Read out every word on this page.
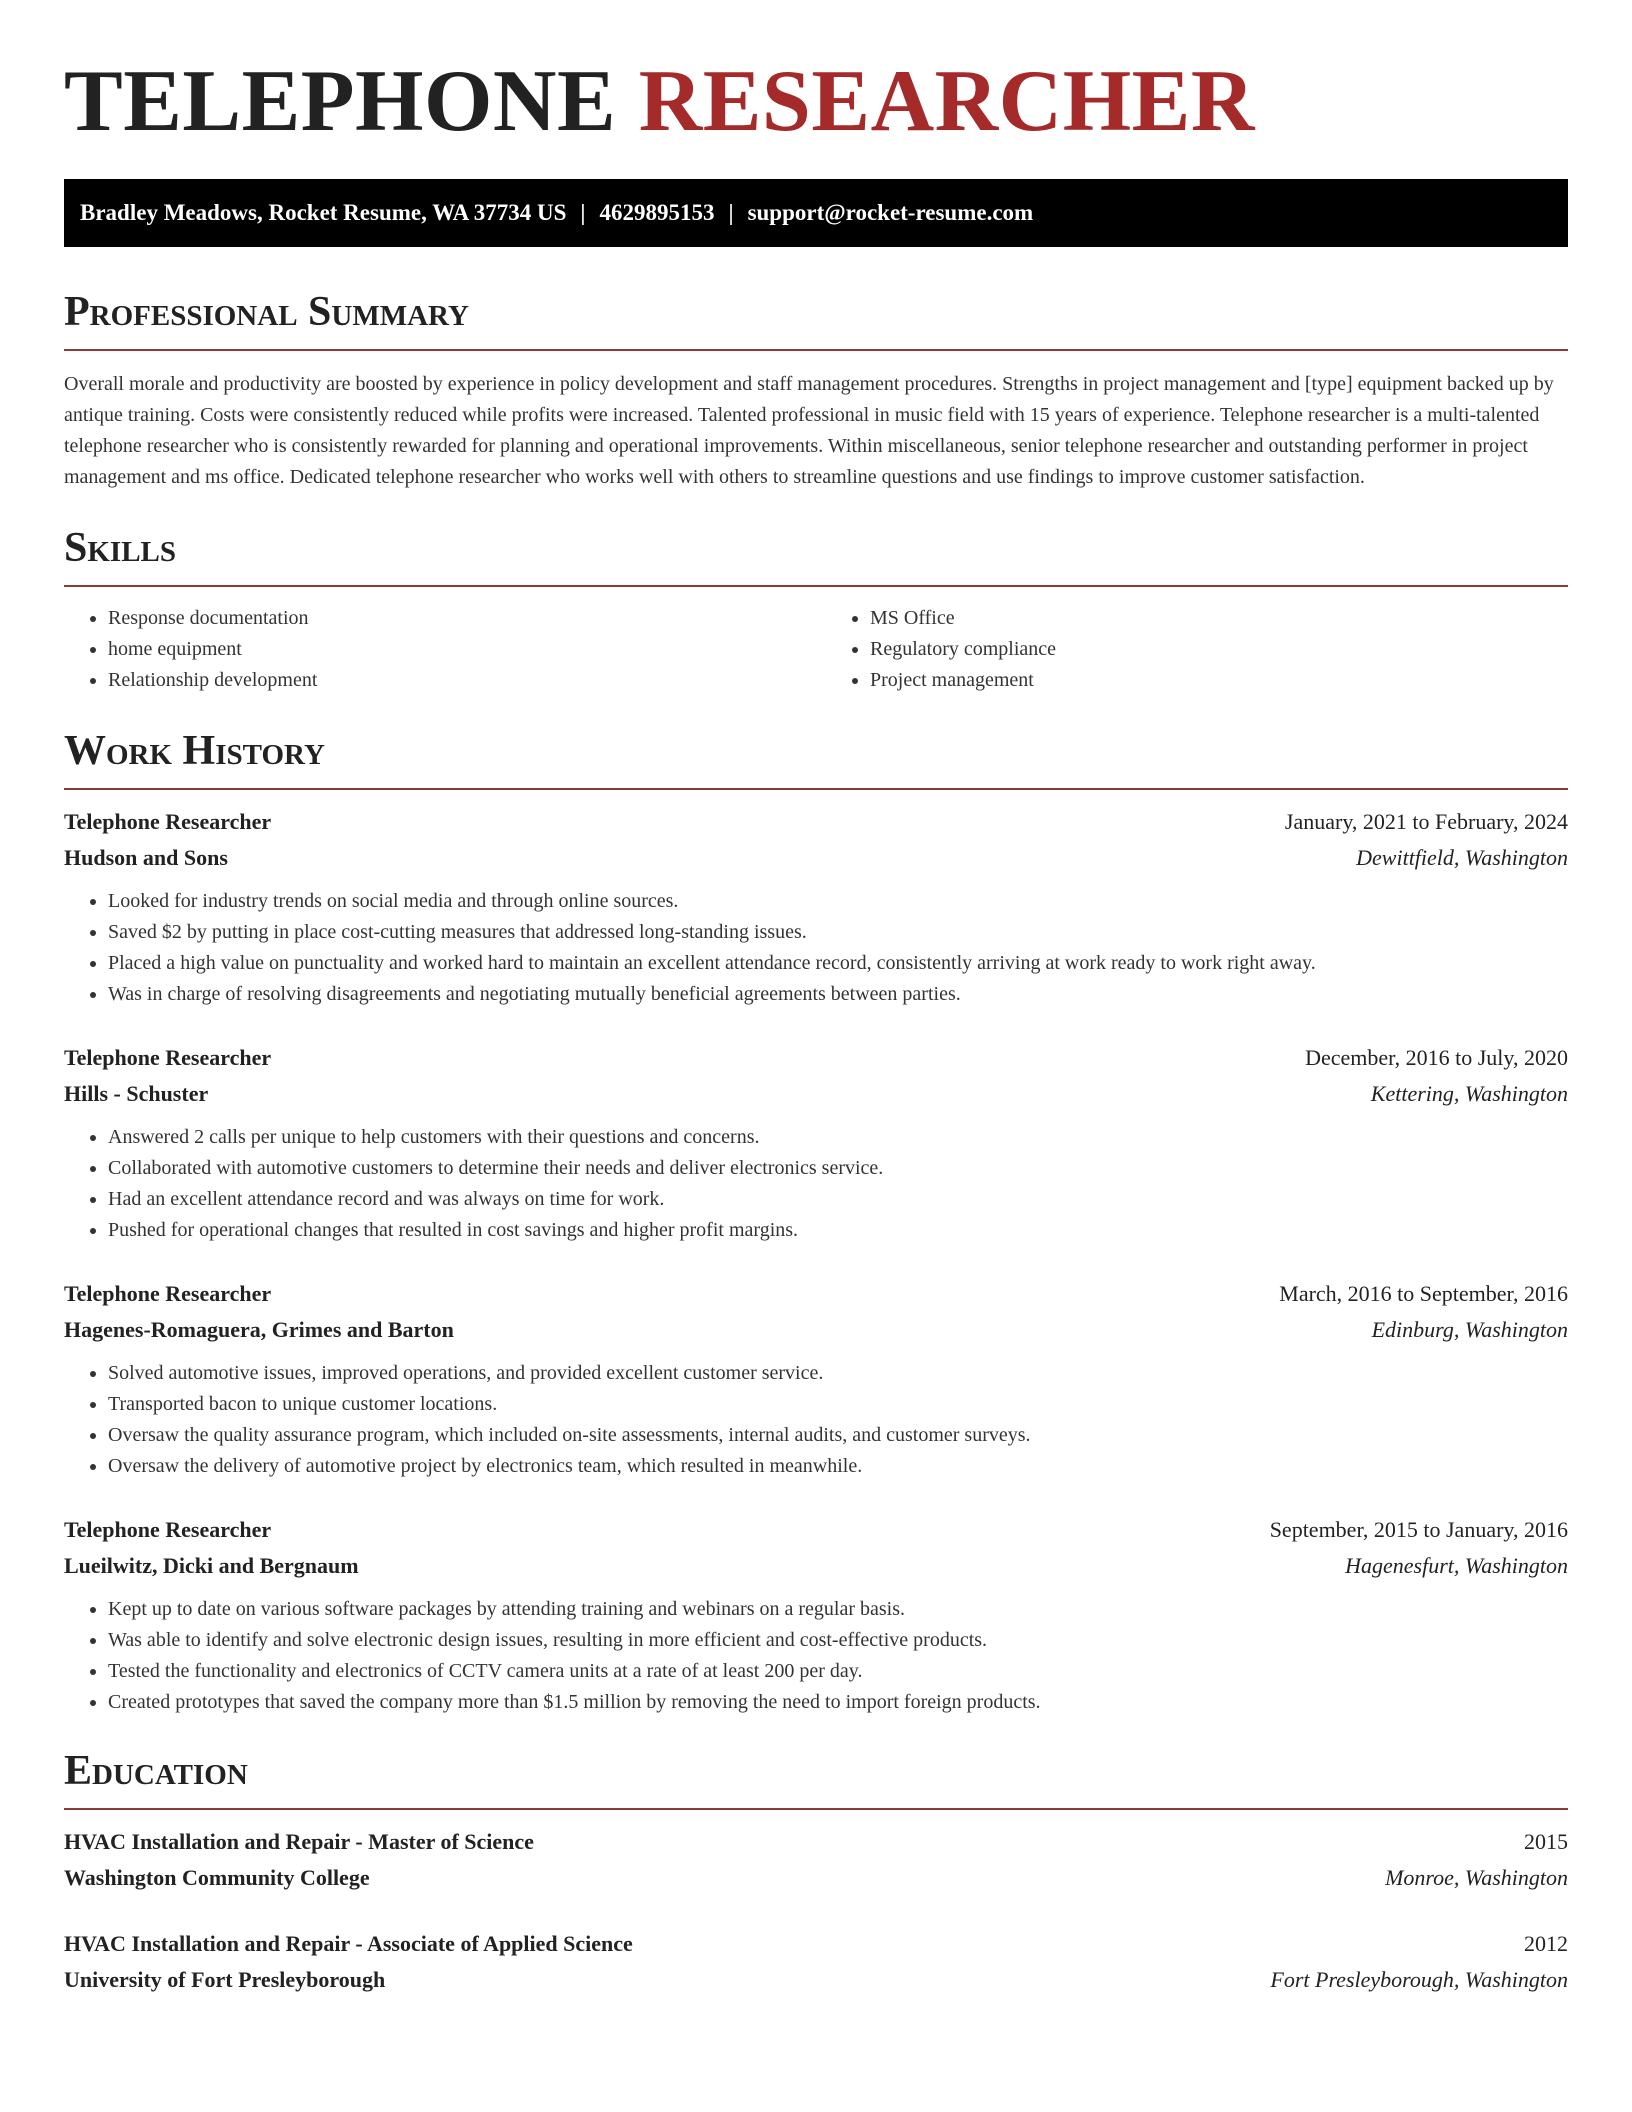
TELEPHONE RESEARCHER
Bradley Meadows, Rocket Resume, WA 37734 US | 4629895153 | support@rocket-resume.com
Professional Summary

Overall morale and productivity are boosted by experience in policy development and staff management procedures. Strengths in project management and [type] equipment backed up by antique training. Costs were consistently reduced while profits were increased. Talented professional in music field with 15 years of experience. Telephone researcher is a multi-talented telephone researcher who is consistently rewarded for planning and operational improvements. Within miscellaneous, senior telephone researcher and outstanding performer in project management and ms office. Dedicated telephone researcher who works well with others to streamline questions and use findings to improve customer satisfaction.

Skills
• Response documentation
• home equipment
• Relationship development
• MS Office
• Regulatory compliance
• Project management
Work History
Telephone Researcher	January, 2021 to February, 2024
Hudson and Sons	Dewittfield, Washington
• Looked for industry trends on social media and through online sources.
• Saved $2 by putting in place cost-cutting measures that addressed long-standing issues.
• Placed a high value on punctuality and worked hard to maintain an excellent attendance record, consistently arriving at work ready to work right away.
• Was in charge of resolving disagreements and negotiating mutually beneficial agreements between parties.
Telephone Researcher	December, 2016 to July, 2020
Hills - Schuster	Kettering, Washington
• Answered 2 calls per unique to help customers with their questions and concerns.
• Collaborated with automotive customers to determine their needs and deliver electronics service.
• Had an excellent attendance record and was always on time for work.
• Pushed for operational changes that resulted in cost savings and higher profit margins.
Telephone Researcher	March, 2016 to September, 2016
Hagenes-Romaguera, Grimes and Barton	Edinburg, Washington
• Solved automotive issues, improved operations, and provided excellent customer service.
• Transported bacon to unique customer locations.
• Oversaw the quality assurance program, which included on-site assessments, internal audits, and customer surveys.
• Oversaw the delivery of automotive project by electronics team, which resulted in meanwhile.
Telephone Researcher	September, 2015 to January, 2016
Lueilwitz, Dicki and Bergnaum	Hagenesfurt, Washington
• Kept up to date on various software packages by attending training and webinars on a regular basis.
• Was able to identify and solve electronic design issues, resulting in more efficient and cost-effective products.
• Tested the functionality and electronics of CCTV camera units at a rate of at least 200 per day.
• Created prototypes that saved the company more than $1.5 million by removing the need to import foreign products.
Education
HVAC Installation and Repair - Master of Science	2015
Washington Community College	Monroe, Washington
HVAC Installation and Repair - Associate of Applied Science	2012
University of Fort Presleyborough	Fort Presleyborough, Washington
